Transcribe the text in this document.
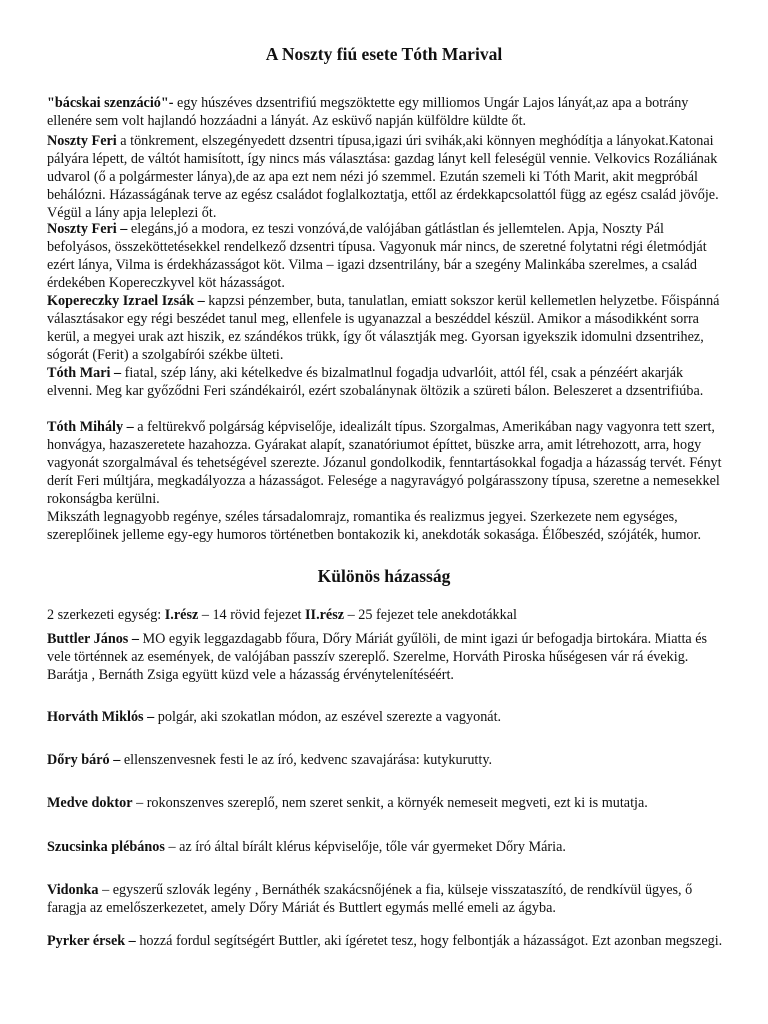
A Noszty fiú esete Tóth Marival

"bácskai szenzáció"- egy húszéves dzsentrifiú megszöktette egy milliomos Ungár Lajos lányát,az apa a botrány ellenére sem volt hajlandó hozzáadni a lányát. Az esküvő napján külföldre küldte őt.

Noszty Feri a tönkrement, elszegényedett dzsentri típusa,igazi úri svihák,aki könnyen meghódítja a lányokat.Katonai pályára lépett, de váltót hamisított, így nincs más választása: gazdag lányt kell feleségül vennie. Velkovics Rozáliának udvarol (ő a polgármester lánya),de az apa ezt nem nézi jó szemmel. Ezután szemeli ki Tóth Marit, akit megpróbál behálózni. Házasságának terve az egész családot foglalkoztatja, ettől az érdekkapcsolattól függ az egész család jövője. Végül a lány apja leleplezi őt.

Noszty Feri – elegáns,jó a modora, ez teszi vonzóvá,de valójában gátlástlan és jellemtelen. Apja, Noszty Pál befolyásos, összeköttetésekkel rendelkező dzsentri típusa. Vagyonuk már nincs, de szeretné folytatni régi életmódját ezért lánya, Vilma is érdekházasságot köt. Vilma – igazi dzsentrilány, bár a szegény Malinkába szerelmes, a család érdekében Kopereczkyvel köt házasságot.

Kopereczky Izrael Izsák – kapzsi pénzember, buta, tanulatlan, emiatt sokszor kerül kellemetlen helyzetbe. Főispánná választásakor egy régi beszédet tanul meg, ellenfele is ugyanazzal a beszéddel készül. Amikor a másodikként sorra kerül, a megyei urak azt hiszik, ez szándékos trükk, így őt választják meg. Gyorsan igyekszik idomulni dzsentrihez, sógorát (Ferit) a szolgabírói székbe ülteti.

Tóth Mari – fiatal, szép lány, aki kételkedve és bizalmatlnul fogadja udvarlóit, attól fél, csak a pénzéért akarják elvenni. Meg kar győződni Feri szándékairól, ezért szobalánynak öltözik a szüreti bálon. Beleszeret a dzsentrifiúba.

Tóth Mihály – a feltürekvő polgárság képviselője, idealizált típus. Szorgalmas, Amerikában nagy vagyonra tett szert, honvágya, hazaszeretete hazahozza. Gyárakat alapít, szanatóriumot építtet, büszke arra, amit létrehozott, arra, hogy vagyonát szorgalmával és tehetségével szerezte. Józanul gondolkodik, fenntartásokkal fogadja a házasság tervét. Fényt derít Feri múltjára, megkadályozza a házasságot. Felesége a nagyravágyó polgárasszony típusa, szeretne a nemesekkel rokonságba kerülni.

Mikszáth legnagyobb regénye, széles társadalomrajz, romantika és realizmus jegyei. Szerkezete nem egységes, szereplőinek jelleme egy-egy humoros történetben bontakozik ki, anekdoták sokasága. Élőbeszéd, szójáték, humor.

Különös házasság

2 szerkezeti egység: I.rész – 14 rövid fejezet II.rész – 25 fejezet tele anekdotákkal

Buttler János – MO egyik leggazdagabb főura, Dőry Máriát gyűlöli, de mint igazi úr befogadja birtokára. Miatta és vele történnek az események, de valójában passzív szereplő. Szerelme, Horváth Piroska hűségesen vár rá évekig. Barátja , Bernáth Zsiga együtt küzd vele a házasság érvénytelenítéséért.

Horváth Miklós – polgár, aki szokatlan módon, az eszével szerezte a vagyonát.

Dőry báró – ellenszenvesnek festi le az író, kedvenc szavajárása: kutykurutty.

Medve doktor – rokonszenves szereplő, nem szeret senkit, a környék nemeseit megveti, ezt ki is mutatja.

Szucsinka plébános – az író által bírált klérus képviselője, tőle vár gyermeket Dőry Mária.

Vidonka – egyszerű szlovák legény , Bernáthék szakácsnőjének a fia, külseje visszataszító, de rendkívül ügyes, ő faragja az emelőszerkezetet, amely Dőry Máriát és Buttlert egymás mellé emeli az ágyba.

Pyrker érsek – hozzá fordul segítségért Buttler, aki ígéretet tesz, hogy felbontják a házasságot. Ezt azonban megszegi.
